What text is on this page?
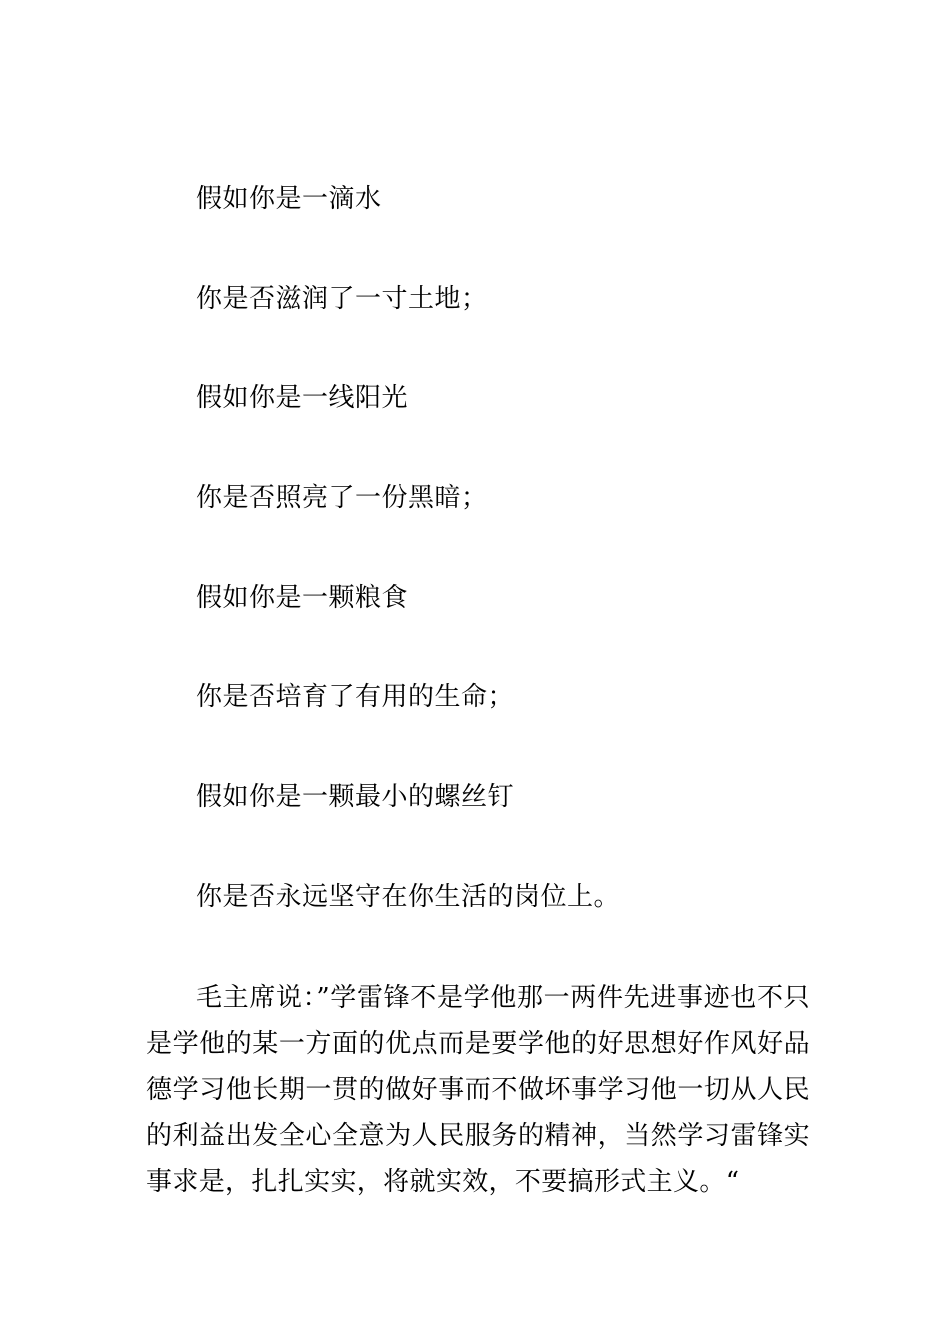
假如你是一滴水

你是否滋润了一寸土地；

假如你是一线阳光

你是否照亮了一份黑暗；

假如你是一颗粮食

你是否培育了有用的生命；

假如你是一颗最小的螺丝钉

你是否永远坚守在你生活的岗位上。

毛主席说：”学雷锋不是学他那一两件先进事迹也不只是学他的某一方面的优点而是要学他的好思想好作风好品德学习他长期一贯的做好事而不做坏事学习他一切从人民的利益出发全心全意为人民服务的精神，当然学习雷锋实事求是，扎扎实实，将就实效，不要搞形式主义。“
